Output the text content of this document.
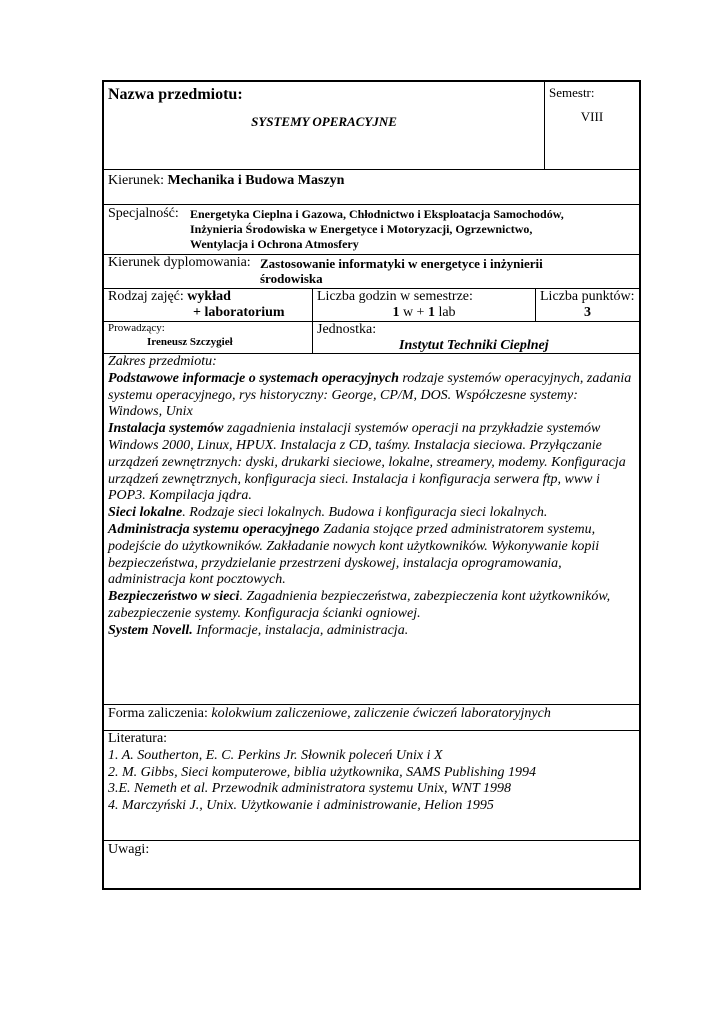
Nazwa przedmiotu:
SYSTEMY OPERACYJNE
Semestr:
VIII
Kierunek: Mechanika i Budowa Maszyn
Specjalność: Energetyka Cieplna i Gazowa, Chłodnictwo i Eksploatacja Samochodów,
Inżynieria Środowiska w Energetyce i Motoryzacji, Ogrzewnictwo,
Wentylacja i Ochrona Atmosfery
Kierunek dyplomowania: Zastosowanie informatyki w energetyce i inżynierii
środowiska
Rodzaj zajęć: wykład
+ laboratorium
Liczba godzin w semestrze:
1 w + 1 lab
Liczba punktów:
3
Prowadzący:
Ireneusz Szczygieł
Jednostka:
Instytut Techniki Cieplnej
Zakres przedmiotu:

Podstawowe informacje o systemach operacyjnych rodzaje systemów operacyjnych, zadania systemu operacyjnego, rys historyczny: George, CP/M, DOS. Współczesne systemy: Windows, Unix

Instalacja systemów zagadnienia instalacji systemów operacji na przykładzie systemów Windows 2000, Linux, HPUX. Instalacja z CD, taśmy. Instalacja sieciowa. Przyłączanie urządzeń zewnętrznych: dyski, drukarki sieciowe, lokalne, streamery, modemy. Konfiguracja urządzeń zewnętrznych, konfiguracja sieci. Instalacja i konfiguracja serwera ftp, www i POP3. Kompilacja jądra.

Sieci lokalne. Rodzaje sieci lokalnych. Budowa i konfiguracja sieci lokalnych.

Administracja systemu operacyjnego Zadania stojące przed administratorem systemu, podejście do użytkowników. Zakładanie nowych kont użytkowników. Wykonywanie kopii bezpieczeństwa, przydzielanie przestrzeni dyskowej, instalacja oprogramowania, administracja kont pocztowych.

Bezpieczeństwo w sieci. Zagadnienia bezpieczeństwa, zabezpieczenia kont użytkowników, zabezpieczenie systemy. Konfiguracja ścianki ogniowej.

System Novell. Informacje, instalacja, administracja.

Forma zaliczenia: kolokwium zaliczeniowe, zaliczenie ćwiczeń laboratoryjnych
Literatura:
1. A. Southerton, E. C. Perkins Jr. Słownik poleceń Unix i X
2. M. Gibbs, Sieci komputerowe, biblia użytkownika, SAMS Publishing 1994
3.E. Nemeth et al. Przewodnik administratora systemu Unix, WNT 1998
4. Marczyński J., Unix. Użytkowanie i administrowanie, Helion 1995
Uwagi:
